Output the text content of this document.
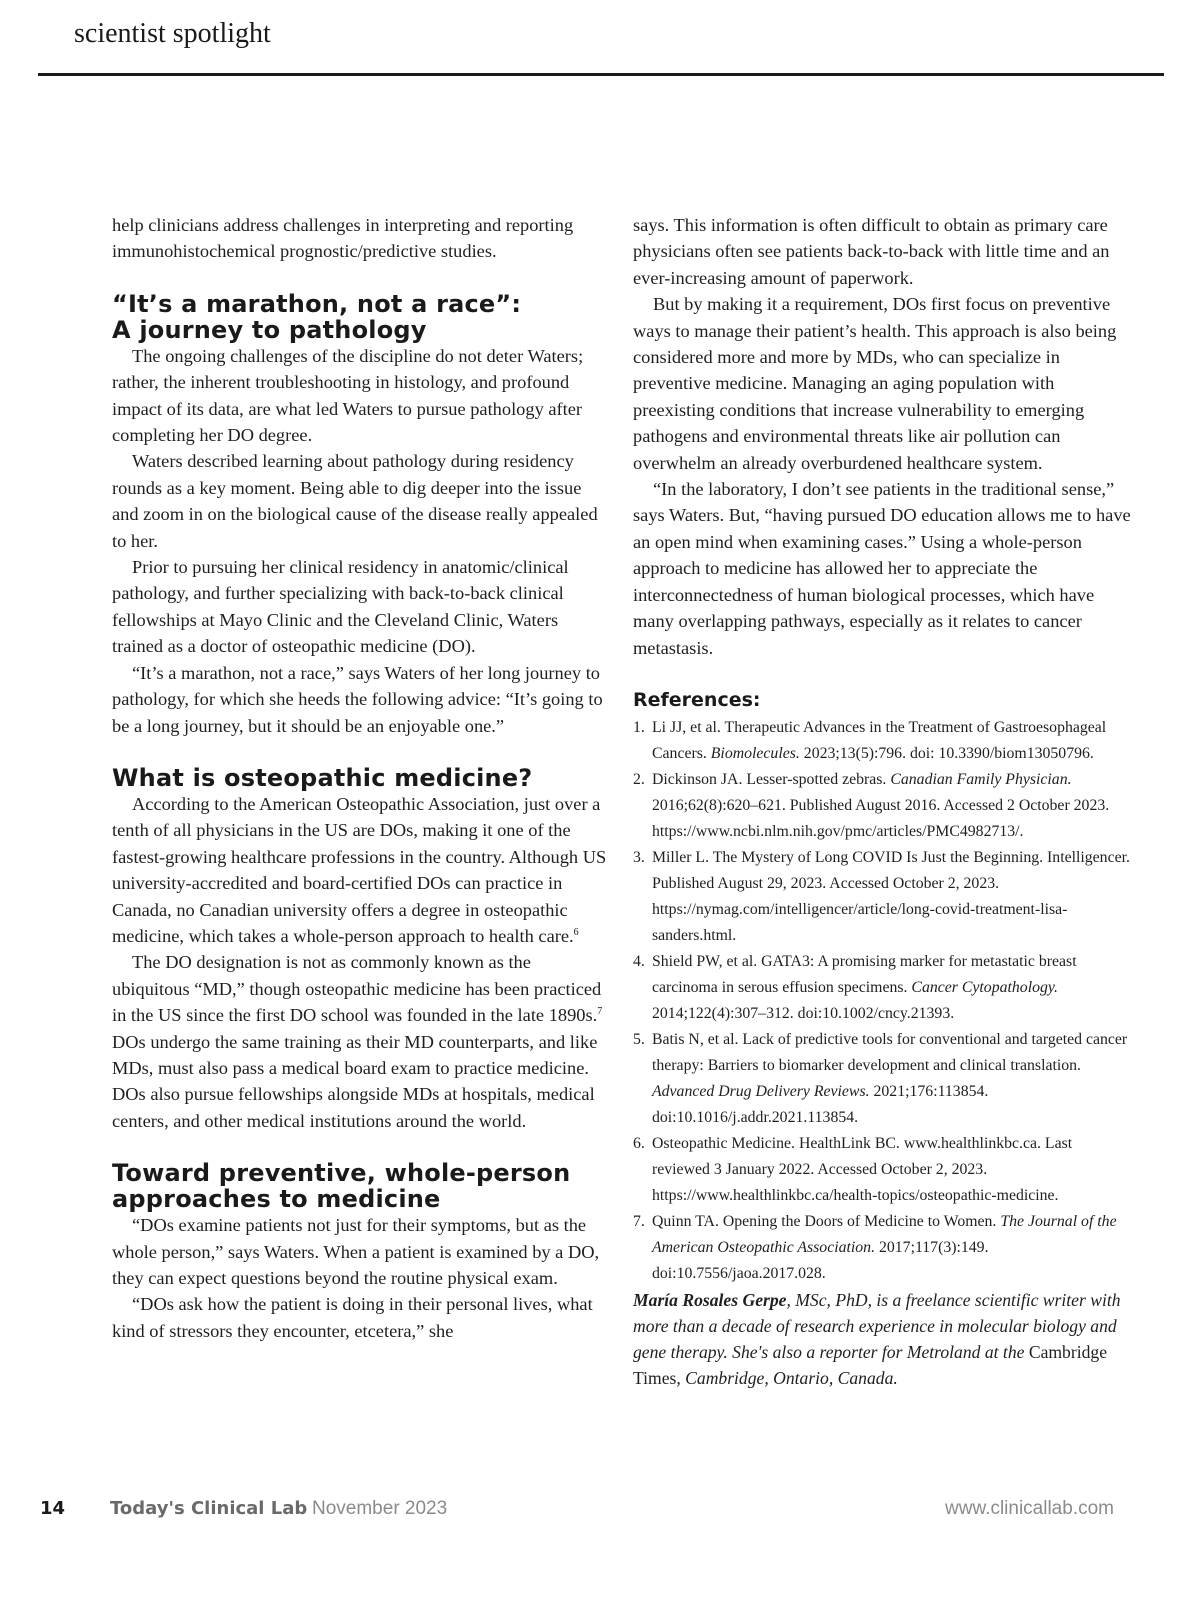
scientist spotlight

help clinicians address challenges in interpreting and reporting immunohistochemical prognostic/predictive studies.

“It’s a marathon, not a race”:
A journey to pathology

The ongoing challenges of the discipline do not deter Waters; rather, the inherent troubleshooting in histology, and profound impact of its data, are what led Waters to pursue pathology after completing her DO degree.

Waters described learning about pathology during residency rounds as a key moment. Being able to dig deeper into the issue and zoom in on the biological cause of the disease really appealed to her.

Prior to pursuing her clinical residency in anatomic/clinical pathology, and further specializing with back-to-back clinical fellowships at Mayo Clinic and the Cleveland Clinic, Waters trained as a doctor of osteopathic medicine (DO).

“It’s a marathon, not a race,” says Waters of her long journey to pathology, for which she heeds the following advice: “It’s going to be a long journey, but it should be an enjoyable one.”

What is osteopathic medicine?

According to the American Osteopathic Association, just over a tenth of all physicians in the US are DOs, making it one of the fastest-growing healthcare professions in the country. Although US university-accredited and board-certified DOs can practice in Canada, no Canadian university offers a degree in osteopathic medicine, which takes a whole-person approach to health care.$^6$

The DO designation is not as commonly known as the ubiquitous “MD,” though osteopathic medicine has been practiced in the US since the first DO school was founded in the late 1890s.$^7$ DOs undergo the same training as their MD counterparts, and like MDs, must also pass a medical board exam to practice medicine. DOs also pursue fellowships alongside MDs at hospitals, medical centers, and other medical institutions around the world.

Toward preventive, whole-person
approaches to medicine

“DOs examine patients not just for their symptoms, but as the whole person,” says Waters. When a patient is examined by a DO, they can expect questions beyond the routine physical exam.

“DOs ask how the patient is doing in their personal lives, what kind of stressors they encounter, etcetera,” she

says. This information is often difficult to obtain as primary care physicians often see patients back-to-back with little time and an ever-increasing amount of paperwork.

But by making it a requirement, DOs first focus on preventive ways to manage their patient’s health. This approach is also being considered more and more by MDs, who can specialize in preventive medicine. Managing an aging population with preexisting conditions that increase vulnerability to emerging pathogens and environmental threats like air pollution can overwhelm an already overburdened healthcare system.

“In the laboratory, I don’t see patients in the traditional sense,” says Waters. But, “having pursued DO education allows me to have an open mind when examining cases.” Using a whole-person approach to medicine has allowed her to appreciate the interconnectedness of human biological processes, which have many overlapping pathways, especially as it relates to cancer metastasis.

References:
1. Li JJ, et al. Therapeutic Advances in the Treatment of Gastroesophageal Cancers. Biomolecules. 2023;13(5):796. doi: 10.3390/biom13050796.
2. Dickinson JA. Lesser-spotted zebras. Canadian Family Physician. 2016;62(8):620–621. Published August 2016. Accessed 2 October 2023. https://www.ncbi.nlm.nih.gov/pmc/articles/PMC4982713/.
3. Miller L. The Mystery of Long COVID Is Just the Beginning. Intelligencer. Published August 29, 2023. Accessed October 2, 2023. https://nymag.com/intelligencer/article/long-covid-treatment-lisa-sanders.html.
4. Shield PW, et al. GATA3: A promising marker for metastatic breast carcinoma in serous effusion specimens. Cancer Cytopathology. 2014;122(4):307–312. doi:10.1002/cncy.21393.
5. Batis N, et al. Lack of predictive tools for conventional and targeted cancer therapy: Barriers to biomarker development and clinical translation. Advanced Drug Delivery Reviews. 2021;176:113854. doi:10.1016/j.addr.2021.113854.
6. Osteopathic Medicine. HealthLink BC. www.healthlinkbc.ca. Last reviewed 3 January 2022. Accessed October 2, 2023. https://www.healthlinkbc.ca/health-topics/osteopathic-medicine.
7. Quinn TA. Opening the Doors of Medicine to Women. The Journal of the American Osteopathic Association. 2017;117(3):149. doi:10.7556/jaoa.2017.028.

María Rosales Gerpe, MSc, PhD, is a freelance scientific writer with more than a decade of research experience in molecular biology and gene therapy. She's also a reporter for Metroland at the Cambridge Times, Cambridge, Ontario, Canada.

14 Today's Clinical Lab November 2023	www.clinicallab.com
